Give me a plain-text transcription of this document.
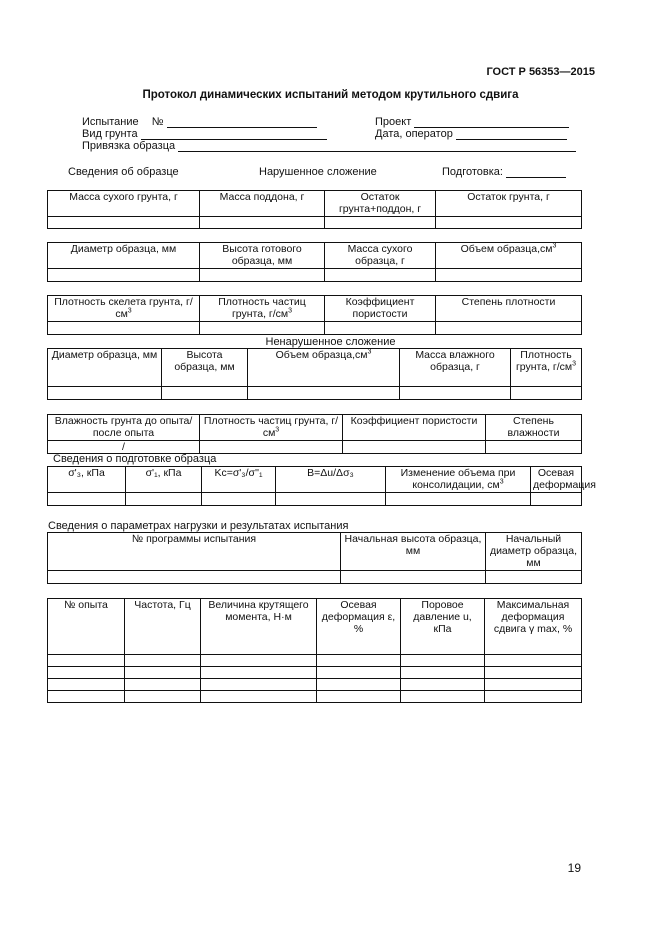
ГОСТ Р 56353—2015
Протокол динамических испытаний методом крутильного сдвига
Испытание №	Проект
Вид грунта	Дата, оператор
Привязка образца
Сведения об образце	Нарушенное сложение	Подготовка:
Масса сухого грунта, г	Масса поддона, г	Остаток грунта+поддон, г	Остаток грунта, г

Диаметр образца, мм	Высота готового образца, мм	Масса сухого образца, г	Объем $образца,см^3$

Плотность скелета грунта, $г/см^3$	Плотность частиц грунта, $г/см^3$	Коэффициент пористости	Степень плотности

Ненарушенное сложение
Диаметр образца, мм	Высота образца, мм	Объем $образца,см^3$	Масса влажного образца, г	Плотность грунта, $г/см^3$

Влажность грунта до опыта/после опыта	Плотность частиц грунта, $г/см^3$	Коэффициент пористости	Степень влажности
/			
Сведения о подготовке образца
σ'₃, кПа	σ'₁, кПа	Kc=σ'₃/σ''₁	B=Δu/Δσ₃	Изменение объема при консолидации, $см^3$	Осевая деформация

Сведения о параметрах нагрузки и результатах испытания
№ программы испытания	Начальная высота образца, мм	Начальный диаметр образца, мм

№ опыта	Частота, Гц	Величина крутящего момента, Н·м	Осевая деформация ε, %	Поровое давление u, кПа	Максимальная деформация сдвига γ max, %

19
